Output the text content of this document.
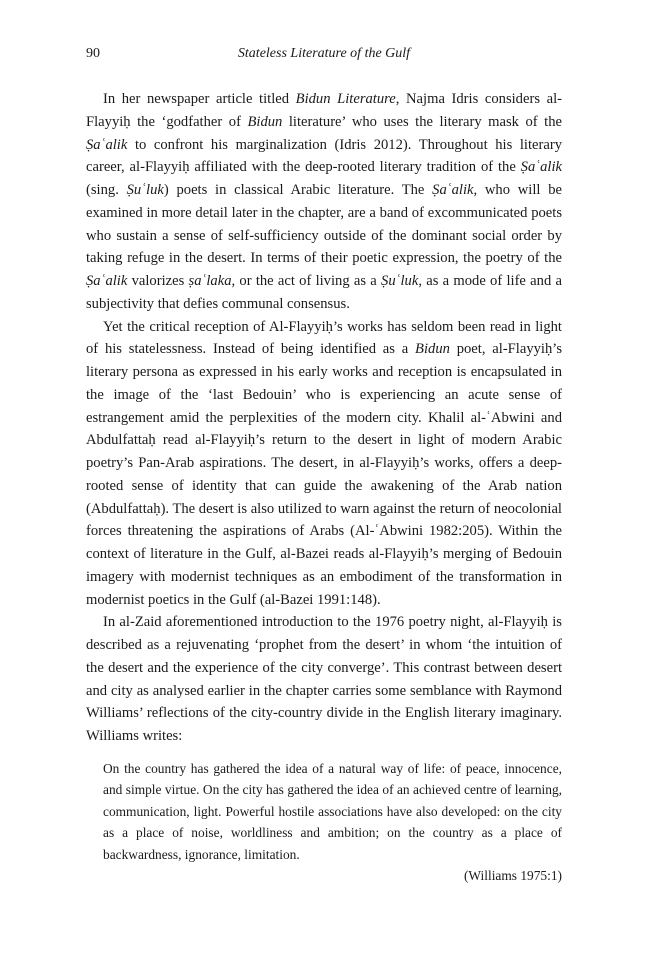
90	Stateless Literature of the Gulf

In her newspaper article titled Bidun Literature, Najma Idris considers al-Flayyiḥ the ‘godfather of Bidun literature’ who uses the literary mask of the Ṣaʿalik to confront his marginalization (Idris 2012). Throughout his literary career, al-Flayyiḥ affiliated with the deep-rooted literary tradition of the Ṣaʿalik (sing. Ṣuʿluk) poets in classical Arabic literature. The Ṣaʿalik, who will be examined in more detail later in the chapter, are a band of excommunicated poets who sustain a sense of self-sufficiency outside of the dominant social order by taking refuge in the desert. In terms of their poetic expression, the poetry of the Ṣaʿalik valorizes ṣaʿlaka, or the act of living as a Ṣuʿluk, as a mode of life and a subjectivity that defies communal consensus.

Yet the critical reception of Al-Flayyiḥ’s works has seldom been read in light of his statelessness. Instead of being identified as a Bidun poet, al-Flayyiḥ’s literary persona as expressed in his early works and reception is encapsulated in the image of the ‘last Bedouin’ who is experiencing an acute sense of estrangement amid the perplexities of the modern city. Khalil al-ʿAbwini and Abdulfattaḥ read al-Flayyiḥ’s return to the desert in light of modern Arabic poetry’s Pan-Arab aspirations. The desert, in al-Flayyiḥ’s works, offers a deep-rooted sense of identity that can guide the awakening of the Arab nation (Abdulfattaḥ). The desert is also utilized to warn against the return of neocolonial forces threatening the aspirations of Arabs (Al-ʿAbwini 1982:205). Within the context of literature in the Gulf, al-Bazei reads al-Flayyiḥ’s merging of Bedouin imagery with modernist techniques as an embodiment of the transformation in modernist poetics in the Gulf (al-Bazei 1991:148).

In al-Zaid aforementioned introduction to the 1976 poetry night, al-Flayyiḥ is described as a rejuvenating ‘prophet from the desert’ in whom ‘the intuition of the desert and the experience of the city converge’. This contrast between desert and city as analysed earlier in the chapter carries some semblance with Raymond Williams’ reflections of the city-country divide in the English literary imaginary. Williams writes:

On the country has gathered the idea of a natural way of life: of peace, innocence, and simple virtue. On the city has gathered the idea of an achieved centre of learning, communication, light. Powerful hostile associations have also developed: on the city as a place of noise, worldliness and ambition; on the country as a place of backwardness, ignorance, limitation.

(Williams 1975:1)
